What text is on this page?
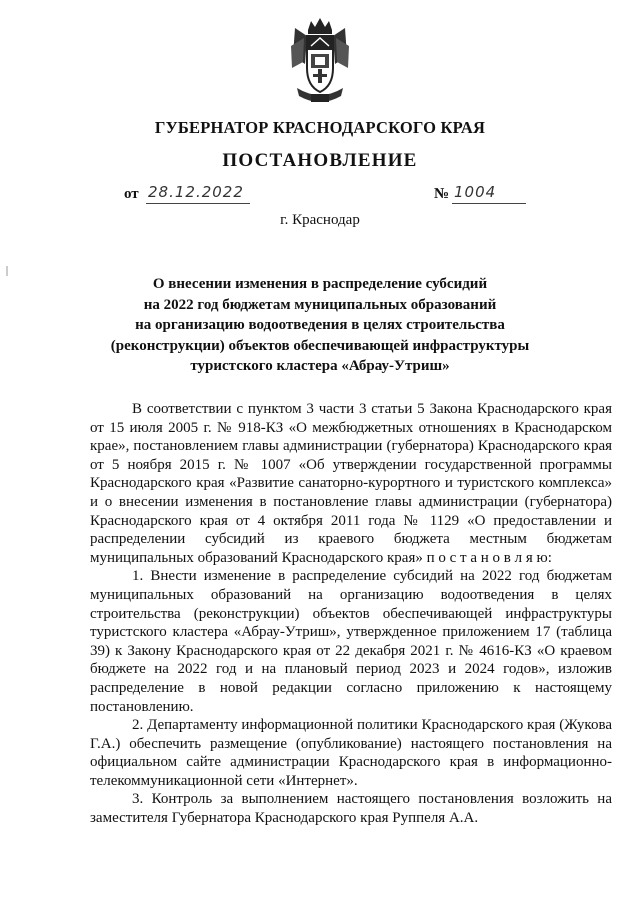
ГУБЕРНАТОР КРАСНОДАРСКОГО КРАЯ
ПОСТАНОВЛЕНИЕ
от 28.12.2022	№ 1004
г. Краснодар
О внесении изменения в распределение субсидий
на 2022 год бюджетам муниципальных образований
на организацию водоотведения в целях строительства
(реконструкции) объектов обеспечивающей инфраструктуры
туристского кластера «Абрау-Утриш»

В соответствии с пунктом 3 части 3 статьи 5 Закона Краснодарского края от 15 июля 2005 г. № 918-КЗ «О межбюджетных отношениях в Краснодарском крае», постановлением главы администрации (губернатора) Краснодарского края от 5 ноября 2015 г. № 1007 «Об утверждении государственной программы Краснодарского края «Развитие санаторно-курортного и туристского комплекса» и о внесении изменения в постановление главы администрации (губернатора) Краснодарского края от 4 октября 2011 года № 1129 «О предоставлении и распределении субсидий из краевого бюджета местным бюджетам муниципальных образований Краснодарского края» п о с т а н о в л я ю:

1. Внести изменение в распределение субсидий на 2022 год бюджетам муниципальных образований на организацию водоотведения в целях строительства (реконструкции) объектов обеспечивающей инфраструктуры туристского кластера «Абрау-Утриш», утвержденное приложением 17 (таблица 39) к Закону Краснодарского края от 22 декабря 2021 г. № 4616-КЗ «О краевом бюджете на 2022 год и на плановый период 2023 и 2024 годов», изложив распределение в новой редакции согласно приложению к настоящему постановлению.

2. Департаменту информационной политики Краснодарского края (Жукова Г.А.) обеспечить размещение (опубликование) настоящего постановления на официальном сайте администрации Краснодарского края в информационно-телекоммуникационной сети «Интернет».

3. Контроль за выполнением настоящего постановления возложить на заместителя Губернатора Краснодарского края Руппеля А.А.
